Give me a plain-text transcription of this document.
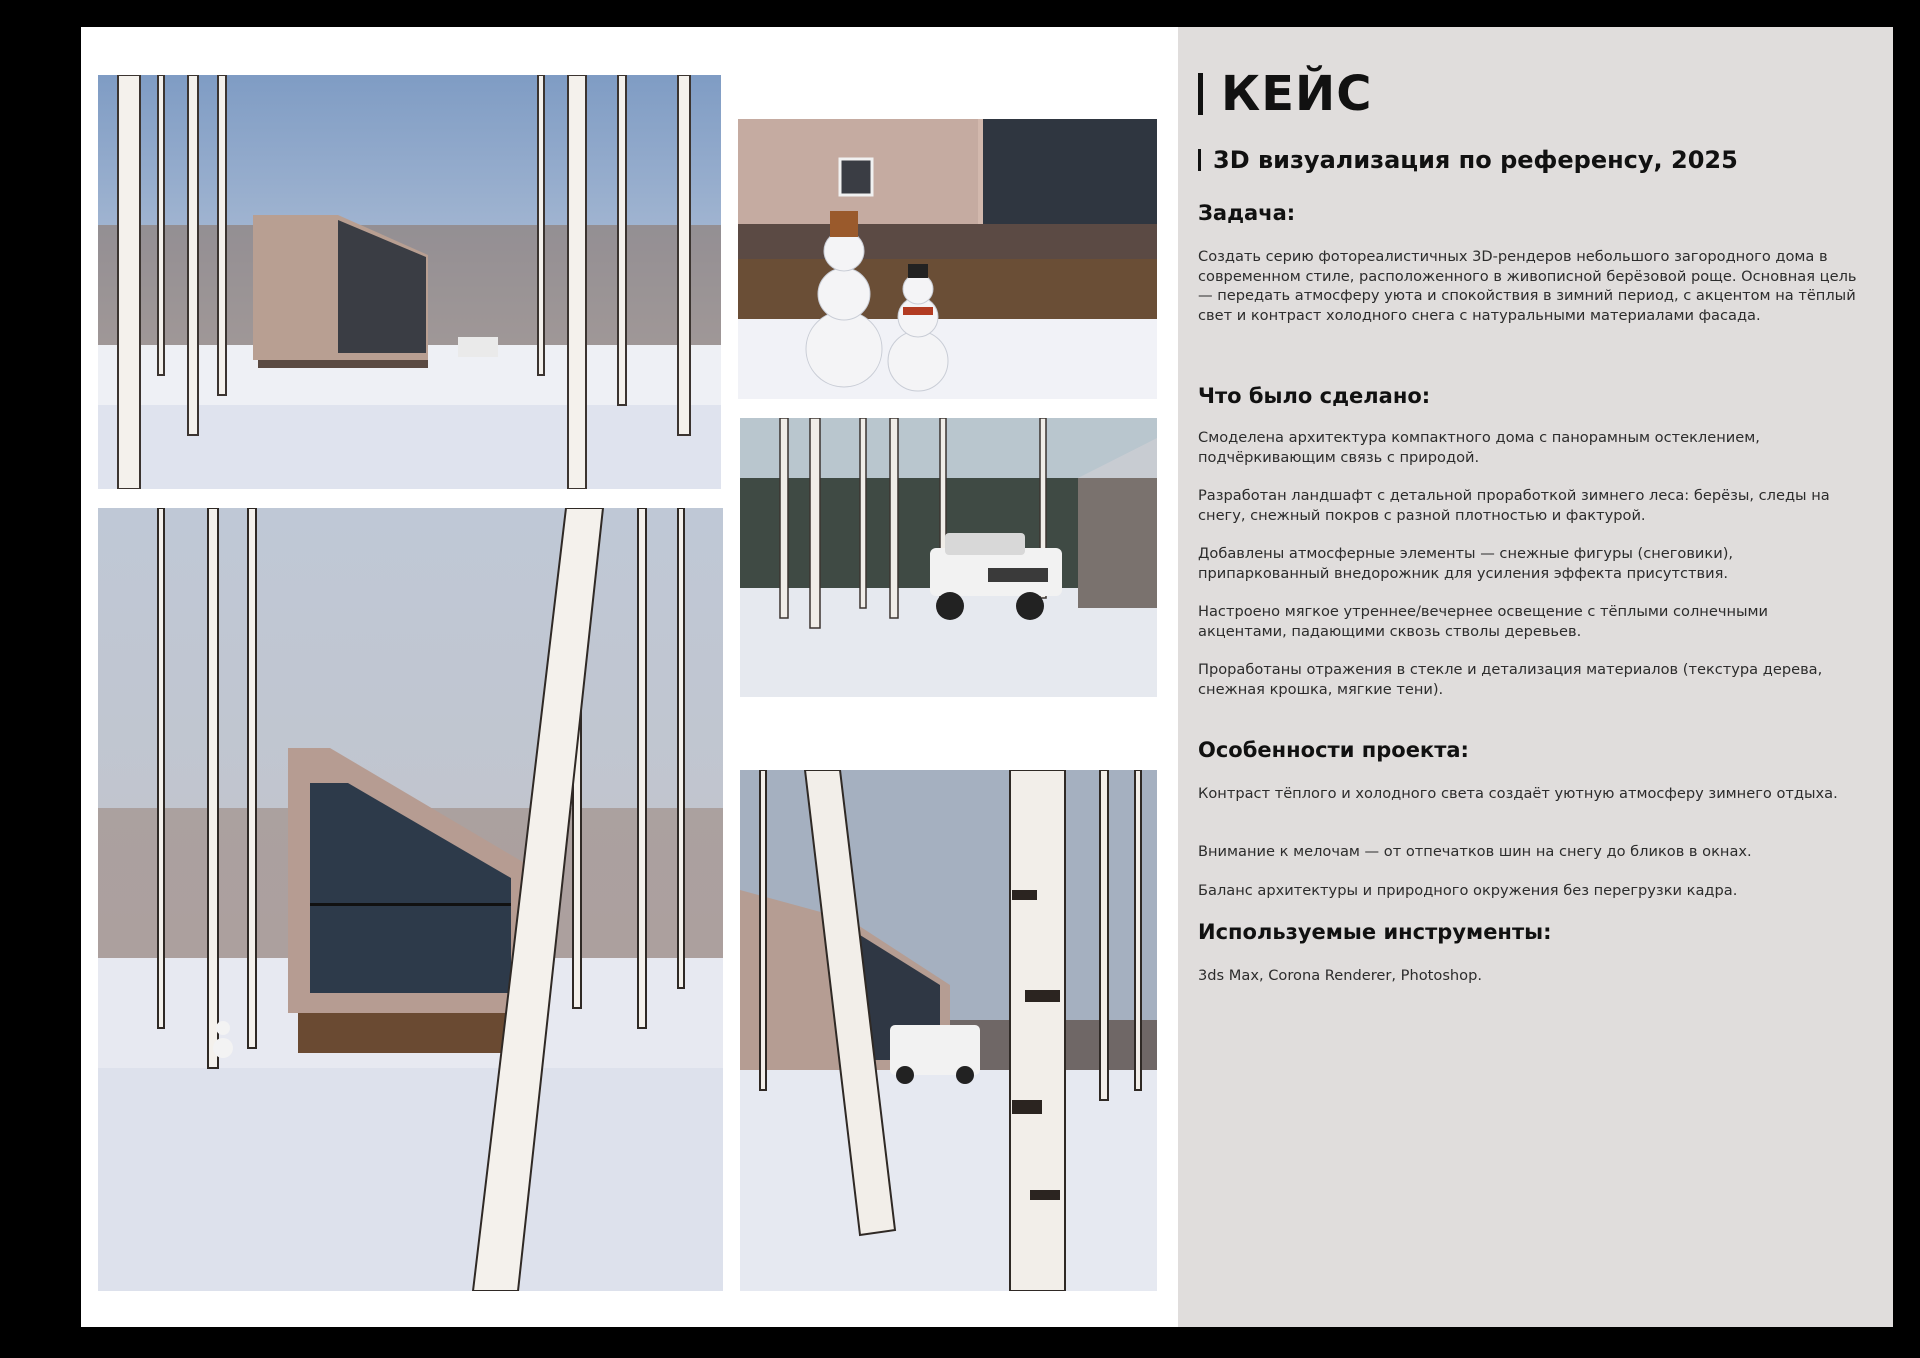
КЕЙС
3D визуализация по референсу, 2025
Задача:
Создать серию фотореалистичных 3D-рендеров небольшого загородного дома в современном стиле, расположенного в живописной берёзовой роще. Основная цель — передать атмосферу уюта и спокойствия в зимний период, с акцентом на тёплый свет и контраст холодного снега с натуральными материалами фасада.
Что было сделано:
Смоделена архитектура компактного дома с панорамным остеклением, подчёркивающим связь с природой.
Разработан ландшафт с детальной проработкой зимнего леса: берёзы, следы на снегу, снежный покров с разной плотностью и фактурой.
Добавлены атмосферные элементы — снежные фигуры (снеговики), припаркованный внедорожник для усиления эффекта присутствия.
Настроено мягкое утреннее/вечернее освещение с тёплыми солнечными акцентами, падающими сквозь стволы деревьев.
Проработаны отражения в стекле и детализация материалов (текстура дерева, снежная крошка, мягкие тени).
Особенности проекта:
Контраст тёплого и холодного света создаёт уютную атмосферу зимнего отдыха.
Внимание к мелочам — от отпечатков шин на снегу до бликов в окнах.
Баланс архитектуры и природного окружения без перегрузки кадра.
Используемые инструменты:
3ds Max, Corona Renderer, Photoshop.
